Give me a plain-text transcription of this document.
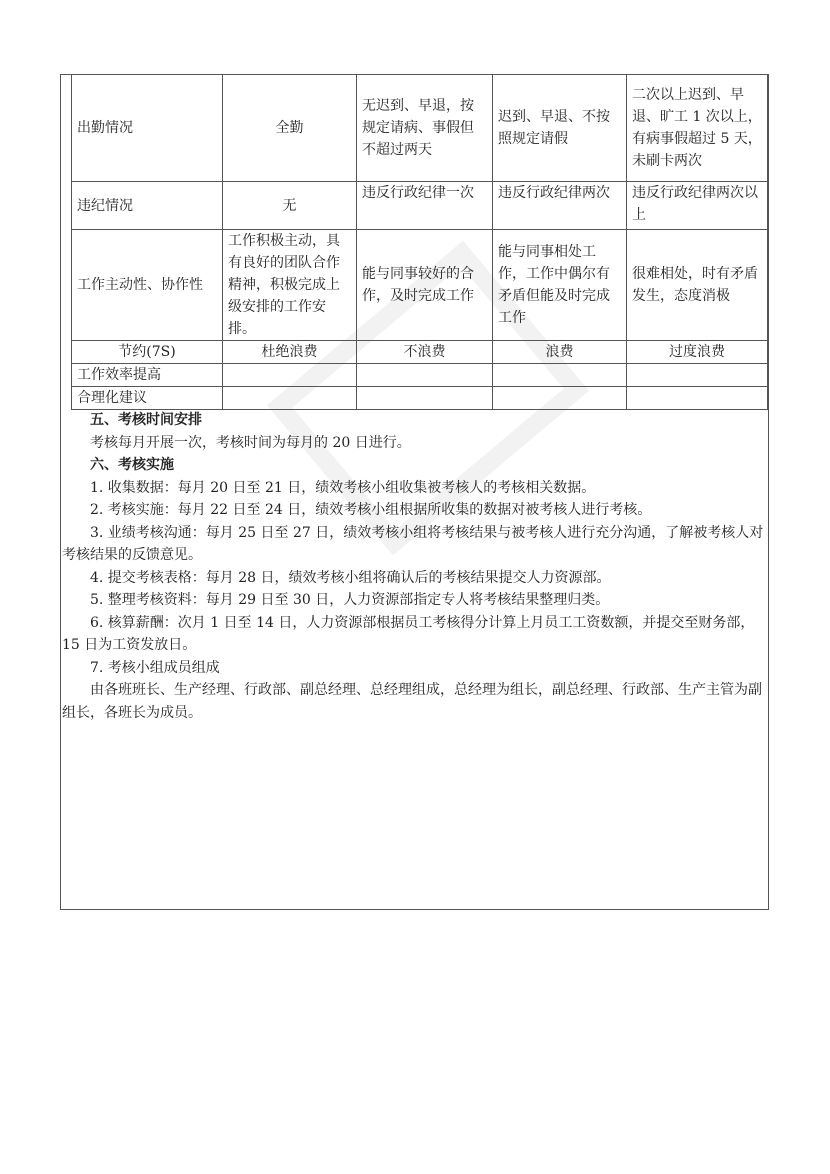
出勤情况	全勤	无迟到、早退，按规定请病、事假但不超过两天	迟到、早退、不按照规定请假	二次以上迟到、早退、旷工 1 次以上，有病事假超过 5 天，未刷卡两次
违纪情况	无	违反行政纪律一次	违反行政纪律两次	违反行政纪律两次以上
工作主动性、协作性	工作积极主动，具有良好的团队合作精神，积极完成上级安排的工作安排。	能与同事较好的合作，及时完成工作	能与同事相处工作，工作中偶尔有矛盾但能及时完成工作	很难相处，时有矛盾发生，态度消极
节约(7S)	杜绝浪费	不浪费	浪费	过度浪费
工作效率提高				
合理化建议				

五、考核时间安排

考核每月开展一次，考核时间为每月的 20 日进行。

六、考核实施

1. 收集数据：每月 20 日至 21 日，绩效考核小组收集被考核人的考核相关数据。

2. 考核实施：每月 22 日至 24 日，绩效考核小组根据所收集的数据对被考核人进行考核。

3. 业绩考核沟通：每月 25 日至 27 日，绩效考核小组将考核结果与被考核人进行充分沟通，了解被考核人对考核结果的反馈意见。

4. 提交考核表格：每月 28 日，绩效考核小组将确认后的考核结果提交人力资源部。

5. 整理考核资料：每月 29 日至 30 日，人力资源部指定专人将考核结果整理归类。

6. 核算薪酬：次月 1 日至 14 日，人力资源部根据员工考核得分计算上月员工工资数额，并提交至财务部，15 日为工资发放日。

7. 考核小组成员组成

由各班班长、生产经理、行政部、副总经理、总经理组成，总经理为组长，副总经理、行政部、生产主管为副组长，各班长为成员。
